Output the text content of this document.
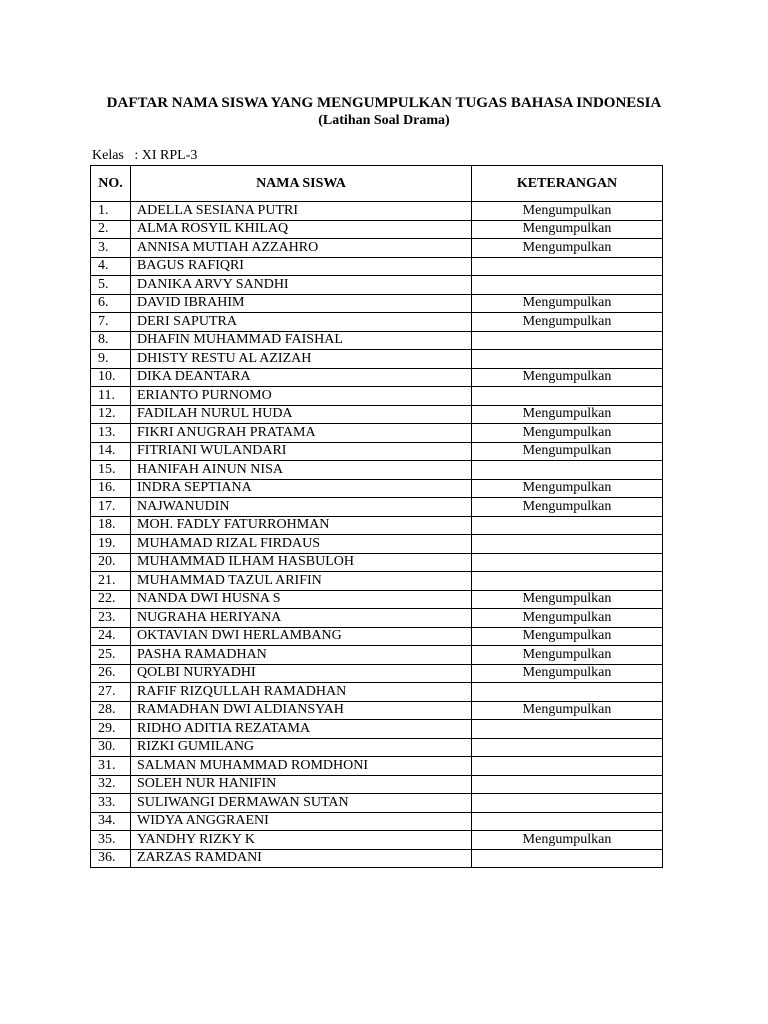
DAFTAR NAMA SISWA YANG MENGUMPULKAN TUGAS BAHASA INDONESIA
(Latihan Soal Drama)
Kelas : XI RPL-3
NO.	NAMA SISWA	KETERANGAN
1.	ADELLA SESIANA PUTRI	Mengumpulkan
2.	ALMA ROSYIL KHILAQ	Mengumpulkan
3.	ANNISA MUTIAH AZZAHRO	Mengumpulkan
4.	BAGUS RAFIQRI	
5.	DANIKA ARVY SANDHI	
6.	DAVID IBRAHIM	Mengumpulkan
7.	DERI SAPUTRA	Mengumpulkan
8.	DHAFIN MUHAMMAD FAISHAL	
9.	DHISTY RESTU AL AZIZAH	
10.	DIKA DEANTARA	Mengumpulkan
11.	ERIANTO PURNOMO	
12.	FADILAH NURUL HUDA	Mengumpulkan
13.	FIKRI ANUGRAH PRATAMA	Mengumpulkan
14.	FITRIANI WULANDARI	Mengumpulkan
15.	HANIFAH AINUN NISA	
16.	INDRA SEPTIANA	Mengumpulkan
17.	NAJWANUDIN	Mengumpulkan
18.	MOH. FADLY FATURROHMAN	
19.	MUHAMAD RIZAL FIRDAUS	
20.	MUHAMMAD ILHAM HASBULOH	
21.	MUHAMMAD TAZUL ARIFIN	
22.	NANDA DWI HUSNA S	Mengumpulkan
23.	NUGRAHA HERIYANA	Mengumpulkan
24.	OKTAVIAN DWI HERLAMBANG	Mengumpulkan
25.	PASHA RAMADHAN	Mengumpulkan
26.	QOLBI NURYADHI	Mengumpulkan
27.	RAFIF RIZQULLAH RAMADHAN	
28.	RAMADHAN DWI ALDIANSYAH	Mengumpulkan
29.	RIDHO ADITIA REZATAMA	
30.	RIZKI GUMILANG	
31.	SALMAN MUHAMMAD ROMDHONI	
32.	SOLEH NUR HANIFIN	
33.	SULIWANGI DERMAWAN SUTAN	
34.	WIDYA ANGGRAENI	
35.	YANDHY RIZKY K	Mengumpulkan
36.	ZARZAS RAMDANI	
